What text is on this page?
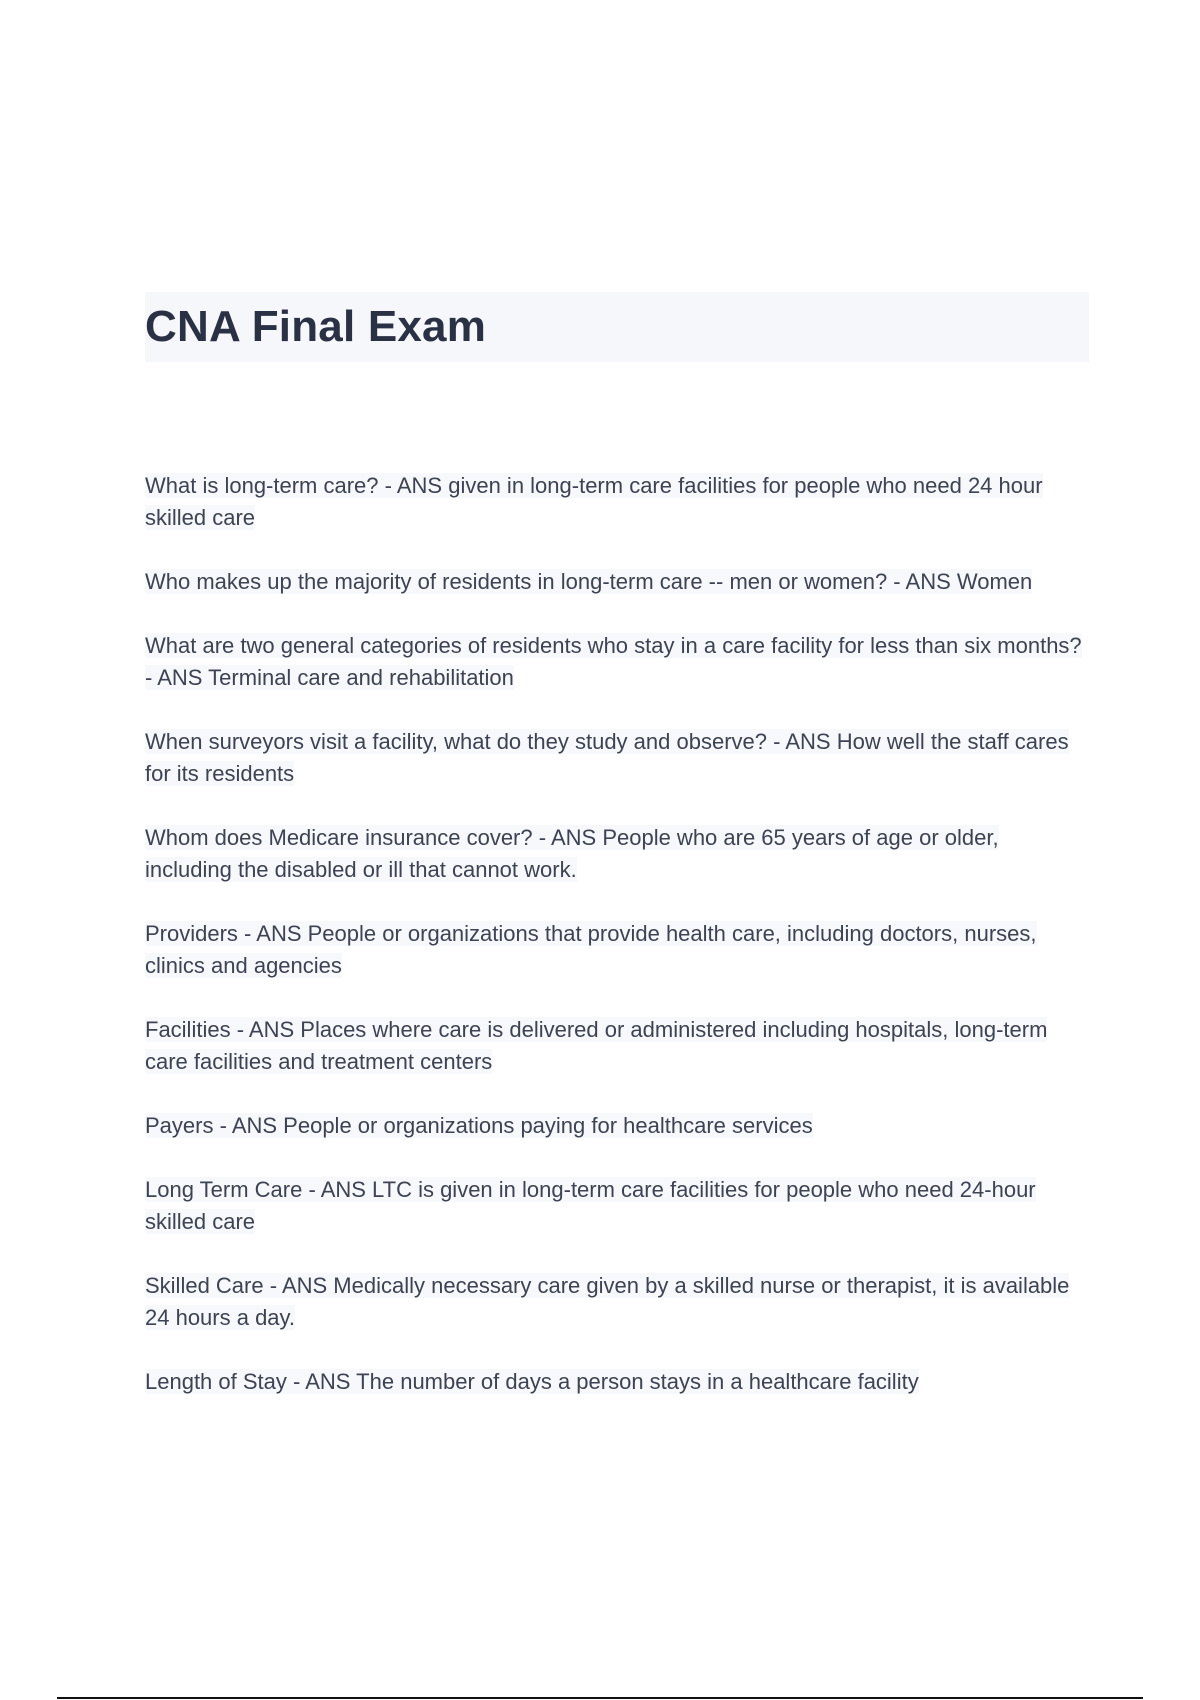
CNA Final Exam

What is long-term care? - ANS given in long-term care facilities for people who need 24 hour skilled care

Who makes up the majority of residents in long-term care -- men or women? - ANS Women

What are two general categories of residents who stay in a care facility for less than six months? - ANS Terminal care and rehabilitation

When surveyors visit a facility, what do they study and observe? - ANS How well the staff cares for its residents

Whom does Medicare insurance cover? - ANS People who are 65 years of age or older, including the disabled or ill that cannot work.

Providers - ANS People or organizations that provide health care, including doctors, nurses, clinics and agencies

Facilities - ANS Places where care is delivered or administered including hospitals, long-term care facilities and treatment centers

Payers - ANS People or organizations paying for healthcare services

Long Term Care - ANS LTC is given in long-term care facilities for people who need 24-hour skilled care

Skilled Care - ANS Medically necessary care given by a skilled nurse or therapist, it is available 24 hours a day.

Length of Stay - ANS The number of days a person stays in a healthcare facility
